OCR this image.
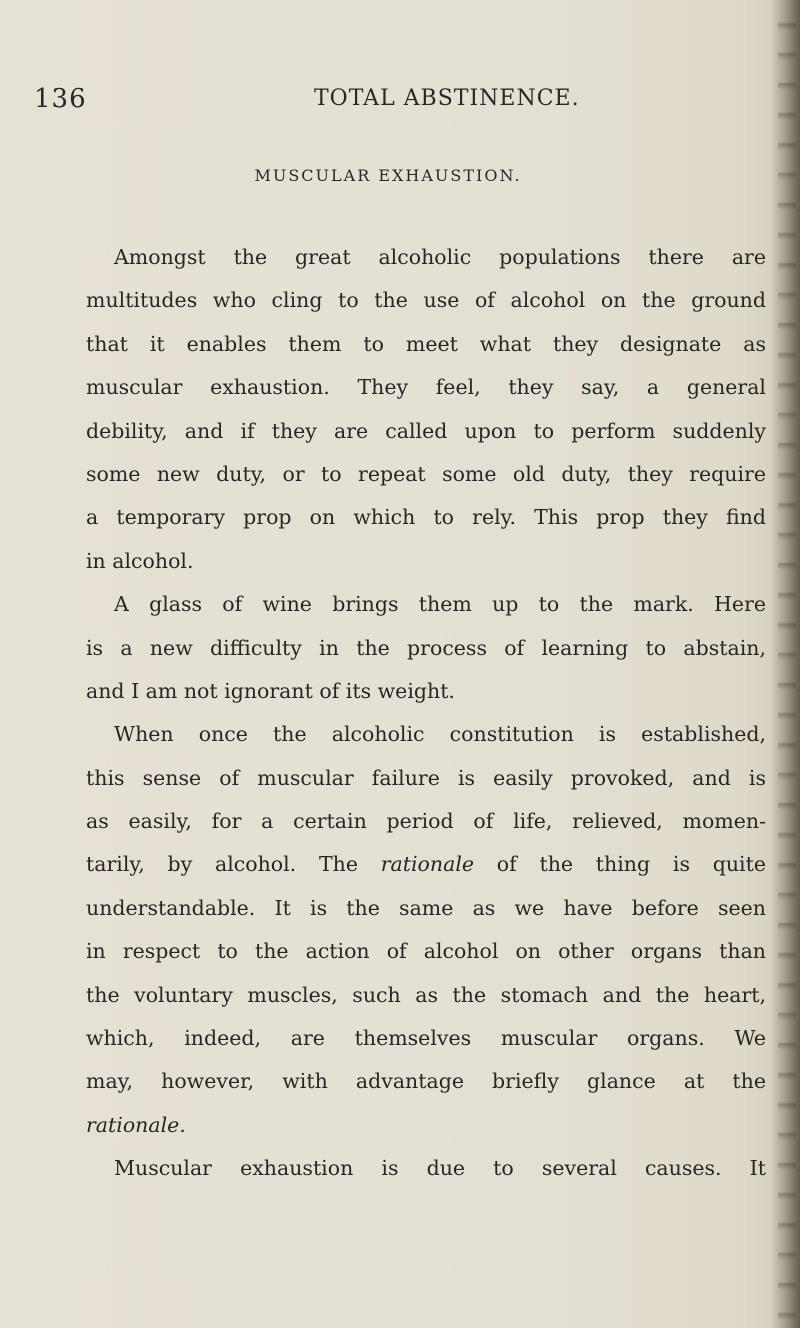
136	TOTAL ABSTINENCE.
MUSCULAR EXHAUSTION.
Amongst the great alcoholic populations there are
multitudes who cling to the use of alcohol on the ground
that it enables them to meet what they designate as
muscular exhaustion. They feel, they say, a general
debility, and if they are called upon to perform suddenly
some new duty, or to repeat some old duty, they require
a temporary prop on which to rely. This prop they find
in alcohol.
A glass of wine brings them up to the mark. Here
is a new difficulty in the process of learning to abstain,
and I am not ignorant of its weight.
When once the alcoholic constitution is established,
this sense of muscular failure is easily provoked, and is
as easily, for a certain period of life, relieved, momen-
tarily, by alcohol. The rationale of the thing is quite
understandable. It is the same as we have before seen
in respect to the action of alcohol on other organs than
the voluntary muscles, such as the stomach and the heart,
which, indeed, are themselves muscular organs. We
may, however, with advantage briefly glance at the
rationale.
Muscular exhaustion is due to several causes. It
